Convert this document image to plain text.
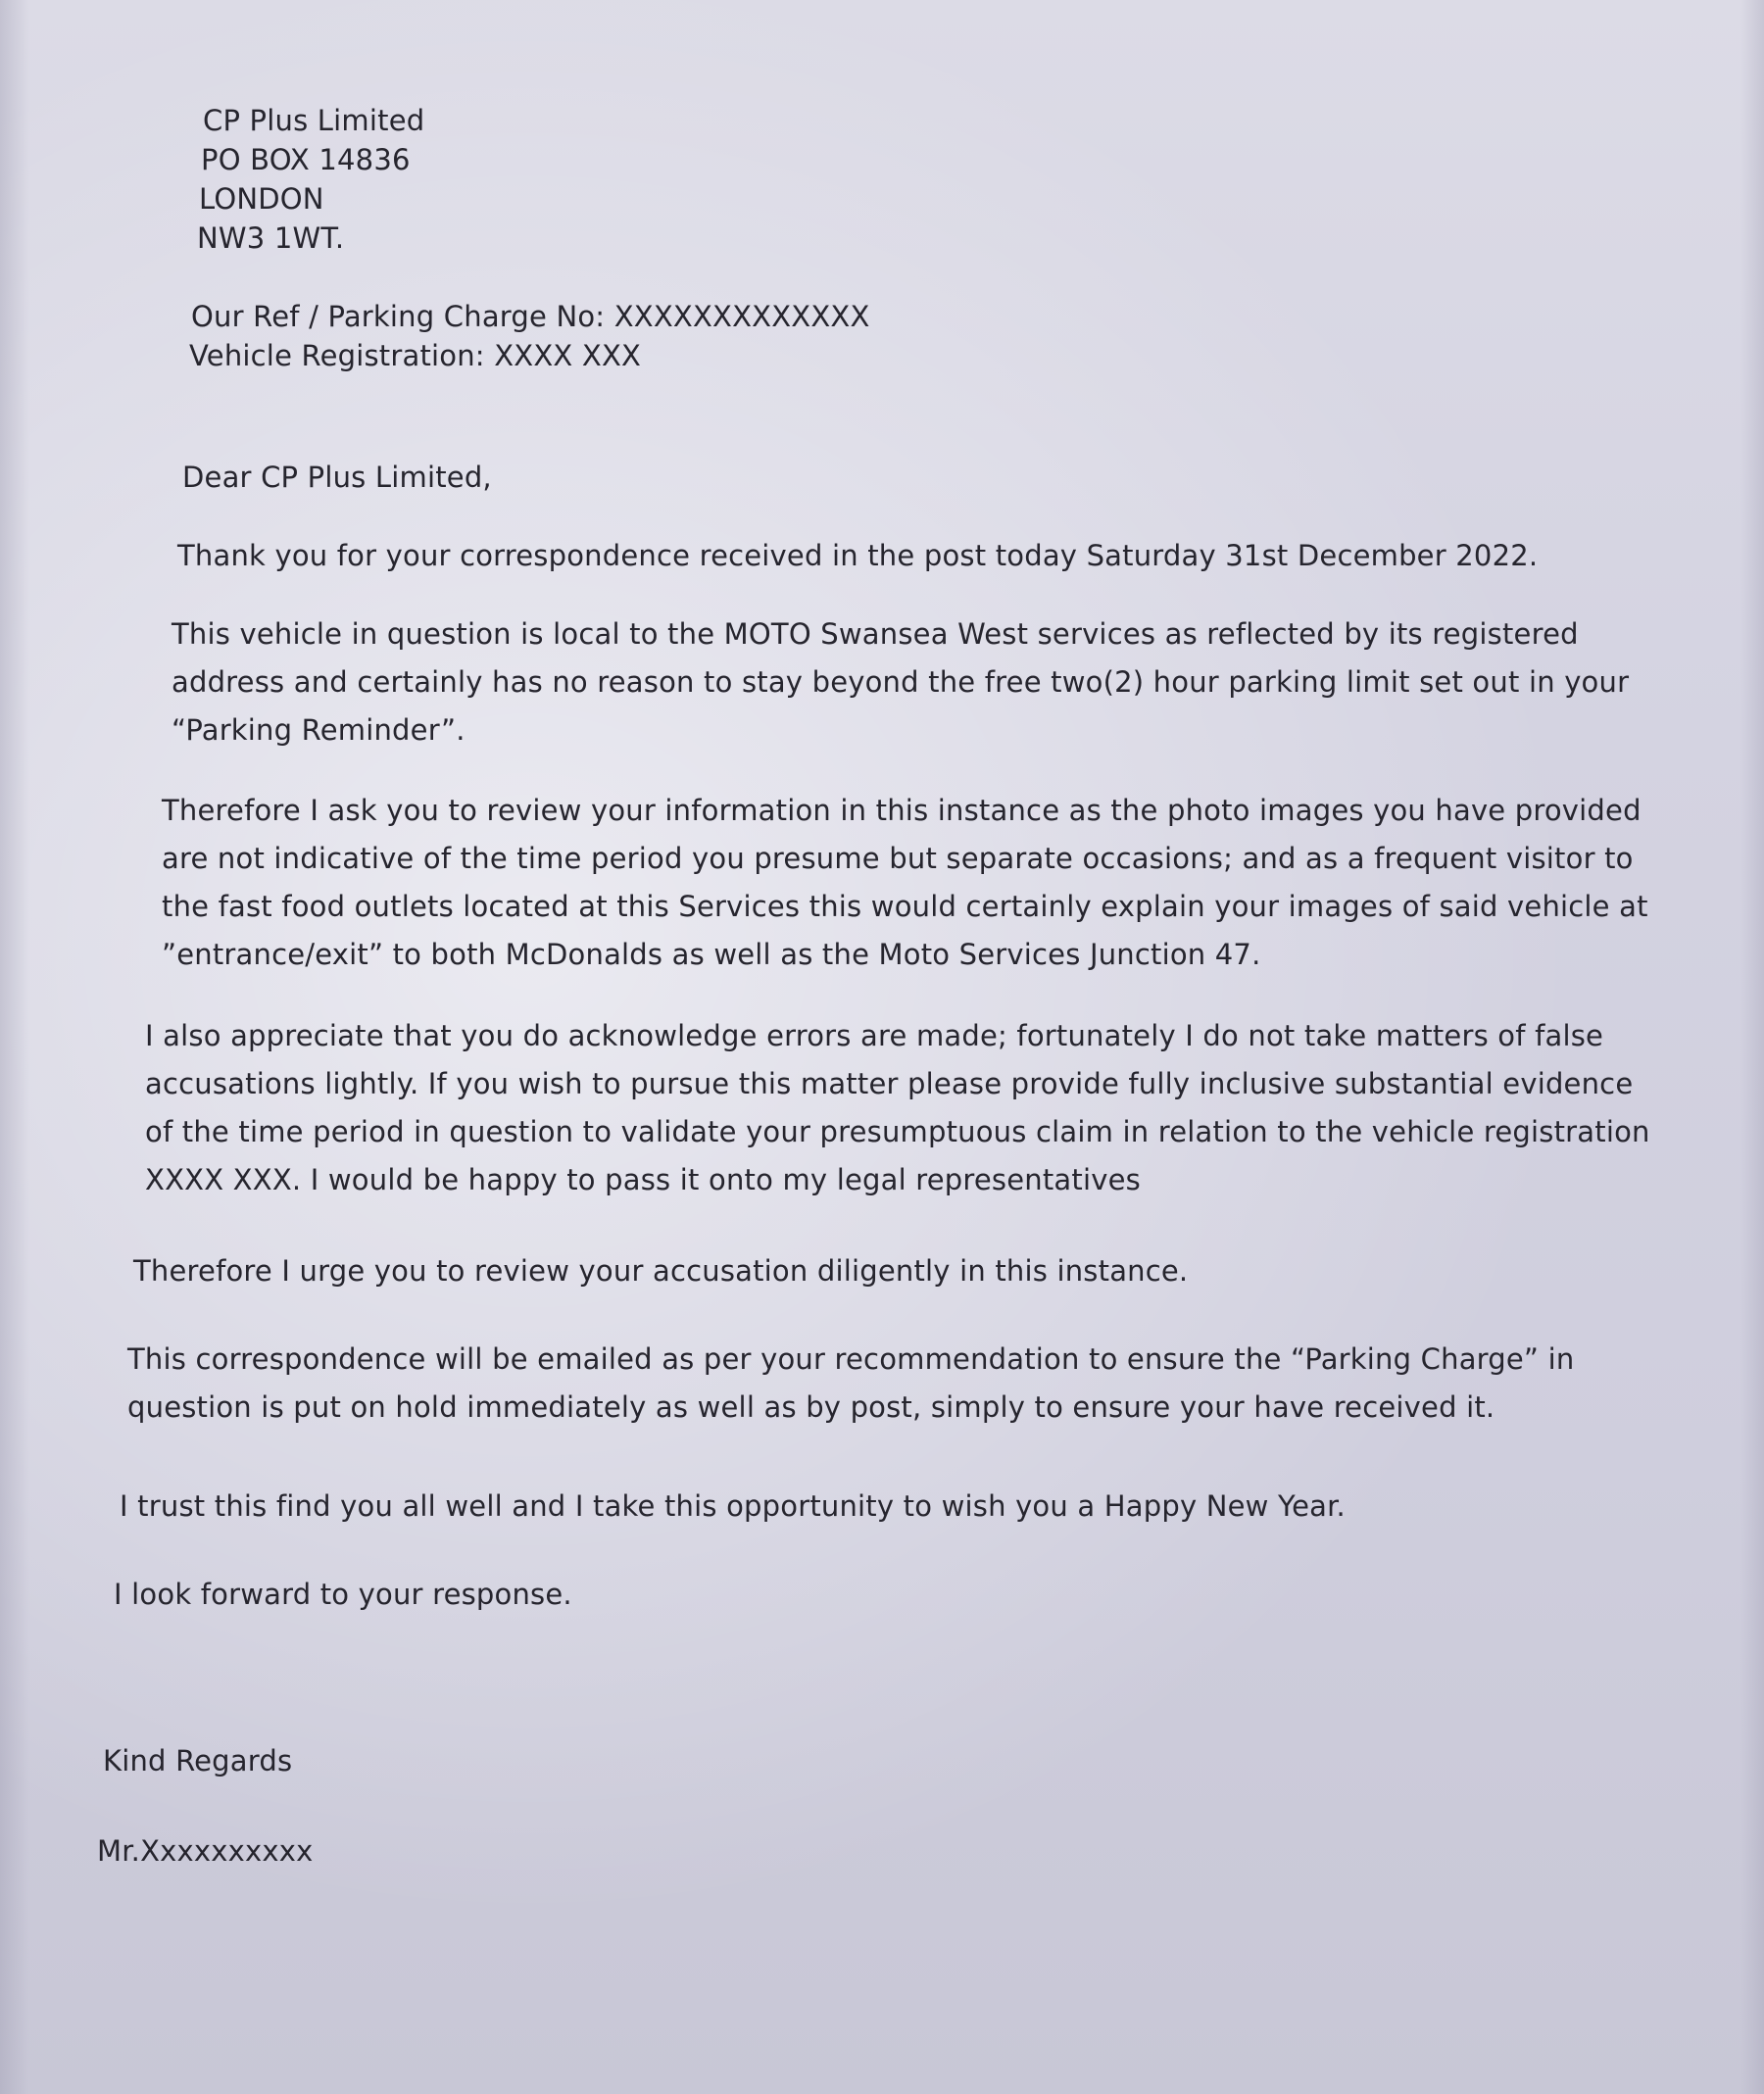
CP Plus Limited
PO BOX 14836
LONDON
NW3 1WT.
Our Ref / Parking Charge No: XXXXXXXXXXXXX
Vehicle Registration: XXXX XXX
Dear CP Plus Limited,
Thank you for your correspondence received in the post today Saturday 31st December 2022.
This vehicle in question is local to the MOTO Swansea West services as reflected by its registered
address and certainly has no reason to stay beyond the free two(2) hour parking limit set out in your
“Parking Reminder”.
Therefore I ask you to review your information in this instance as the photo images you have provided
are not indicative of the time period you presume but separate occasions; and as a frequent visitor to
the fast food outlets located at this Services this would certainly explain your images of said vehicle at
”entrance/exit” to both McDonalds as well as the Moto Services Junction 47.
I also appreciate that you do acknowledge errors are made; fortunately I do not take matters of false
accusations lightly. If you wish to pursue this matter please provide fully inclusive substantial evidence
of the time period in question to validate your presumptuous claim in relation to the vehicle registration
XXXX XXX. I would be happy to pass it onto my legal representatives
Therefore I urge you to review your accusation diligently in this instance.
This correspondence will be emailed as per your recommendation to ensure the “Parking Charge” in
question is put on hold immediately as well as by post, simply to ensure your have received it.
I trust this find you all well and I take this opportunity to wish you a Happy New Year.
I look forward to your response.
Kind Regards
Mr.Xxxxxxxxxx
